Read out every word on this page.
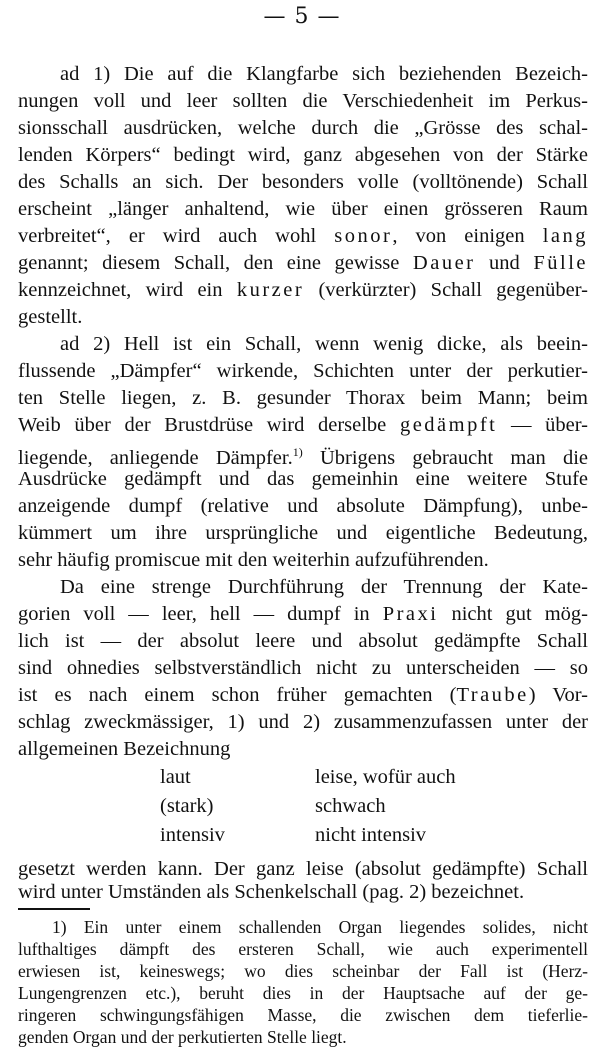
— 5 —
ad 1) Die auf die Klangfarbe sich beziehenden Bezeich-
nungen voll und leer sollten die Verschiedenheit im Perkus-
sionsschall ausdrücken, welche durch die „Grösse des schal-
lenden Körpers“ bedingt wird, ganz abgesehen von der Stärke
des Schalls an sich. Der besonders volle (volltönende) Schall
erscheint „länger anhaltend, wie über einen grösseren Raum
verbreitet“, er wird auch wohl sonor, von einigen lang
genannt; diesem Schall, den eine gewisse Dauer und Fülle
kennzeichnet, wird ein kurzer (verkürzter) Schall gegenüber-
gestellt.
ad 2) Hell ist ein Schall, wenn wenig dicke, als beein-
flussende „Dämpfer“ wirkende, Schichten unter der perkutier-
ten Stelle liegen, z. B. gesunder Thorax beim Mann; beim
Weib über der Brustdrüse wird derselbe gedämpft — über-
liegende, anliegende Dämpfer.$^{1)}$ Übrigens gebraucht man die
Ausdrücke gedämpft und das gemeinhin eine weitere Stufe
anzeigende dumpf (relative und absolute Dämpfung), unbe-
kümmert um ihre ursprüngliche und eigentliche Bedeutung,
sehr häufig promiscue mit den weiterhin aufzuführenden.
Da eine strenge Durchführung der Trennung der Kate-
gorien voll — leer, hell — dumpf in Praxi nicht gut mög-
lich ist — der absolut leere und absolut gedämpfte Schall
sind ohnedies selbstverständlich nicht zu unterscheiden — so
ist es nach einem schon früher gemachten (Traube) Vor-
schlag zweckmässiger, 1) und 2) zusammenzufassen unter der
allgemeinen Bezeichnung
laut	leise, wofür auch
(stark)	schwach
intensiv	nicht intensiv
gesetzt werden kann. Der ganz leise (absolut gedämpfte) Schall
wird unter Umständen als Schenkelschall (pag. 2) bezeichnet.
1) Ein unter einem schallenden Organ liegendes solides, nicht
lufthaltiges dämpft des ersteren Schall, wie auch experimentell
erwiesen ist, keineswegs; wo dies scheinbar der Fall ist (Herz-
Lungengrenzen etc.), beruht dies in der Hauptsache auf der ge-
ringeren schwingungsfähigen Masse, die zwischen dem tieferlie-
genden Organ und der perkutierten Stelle liegt.
